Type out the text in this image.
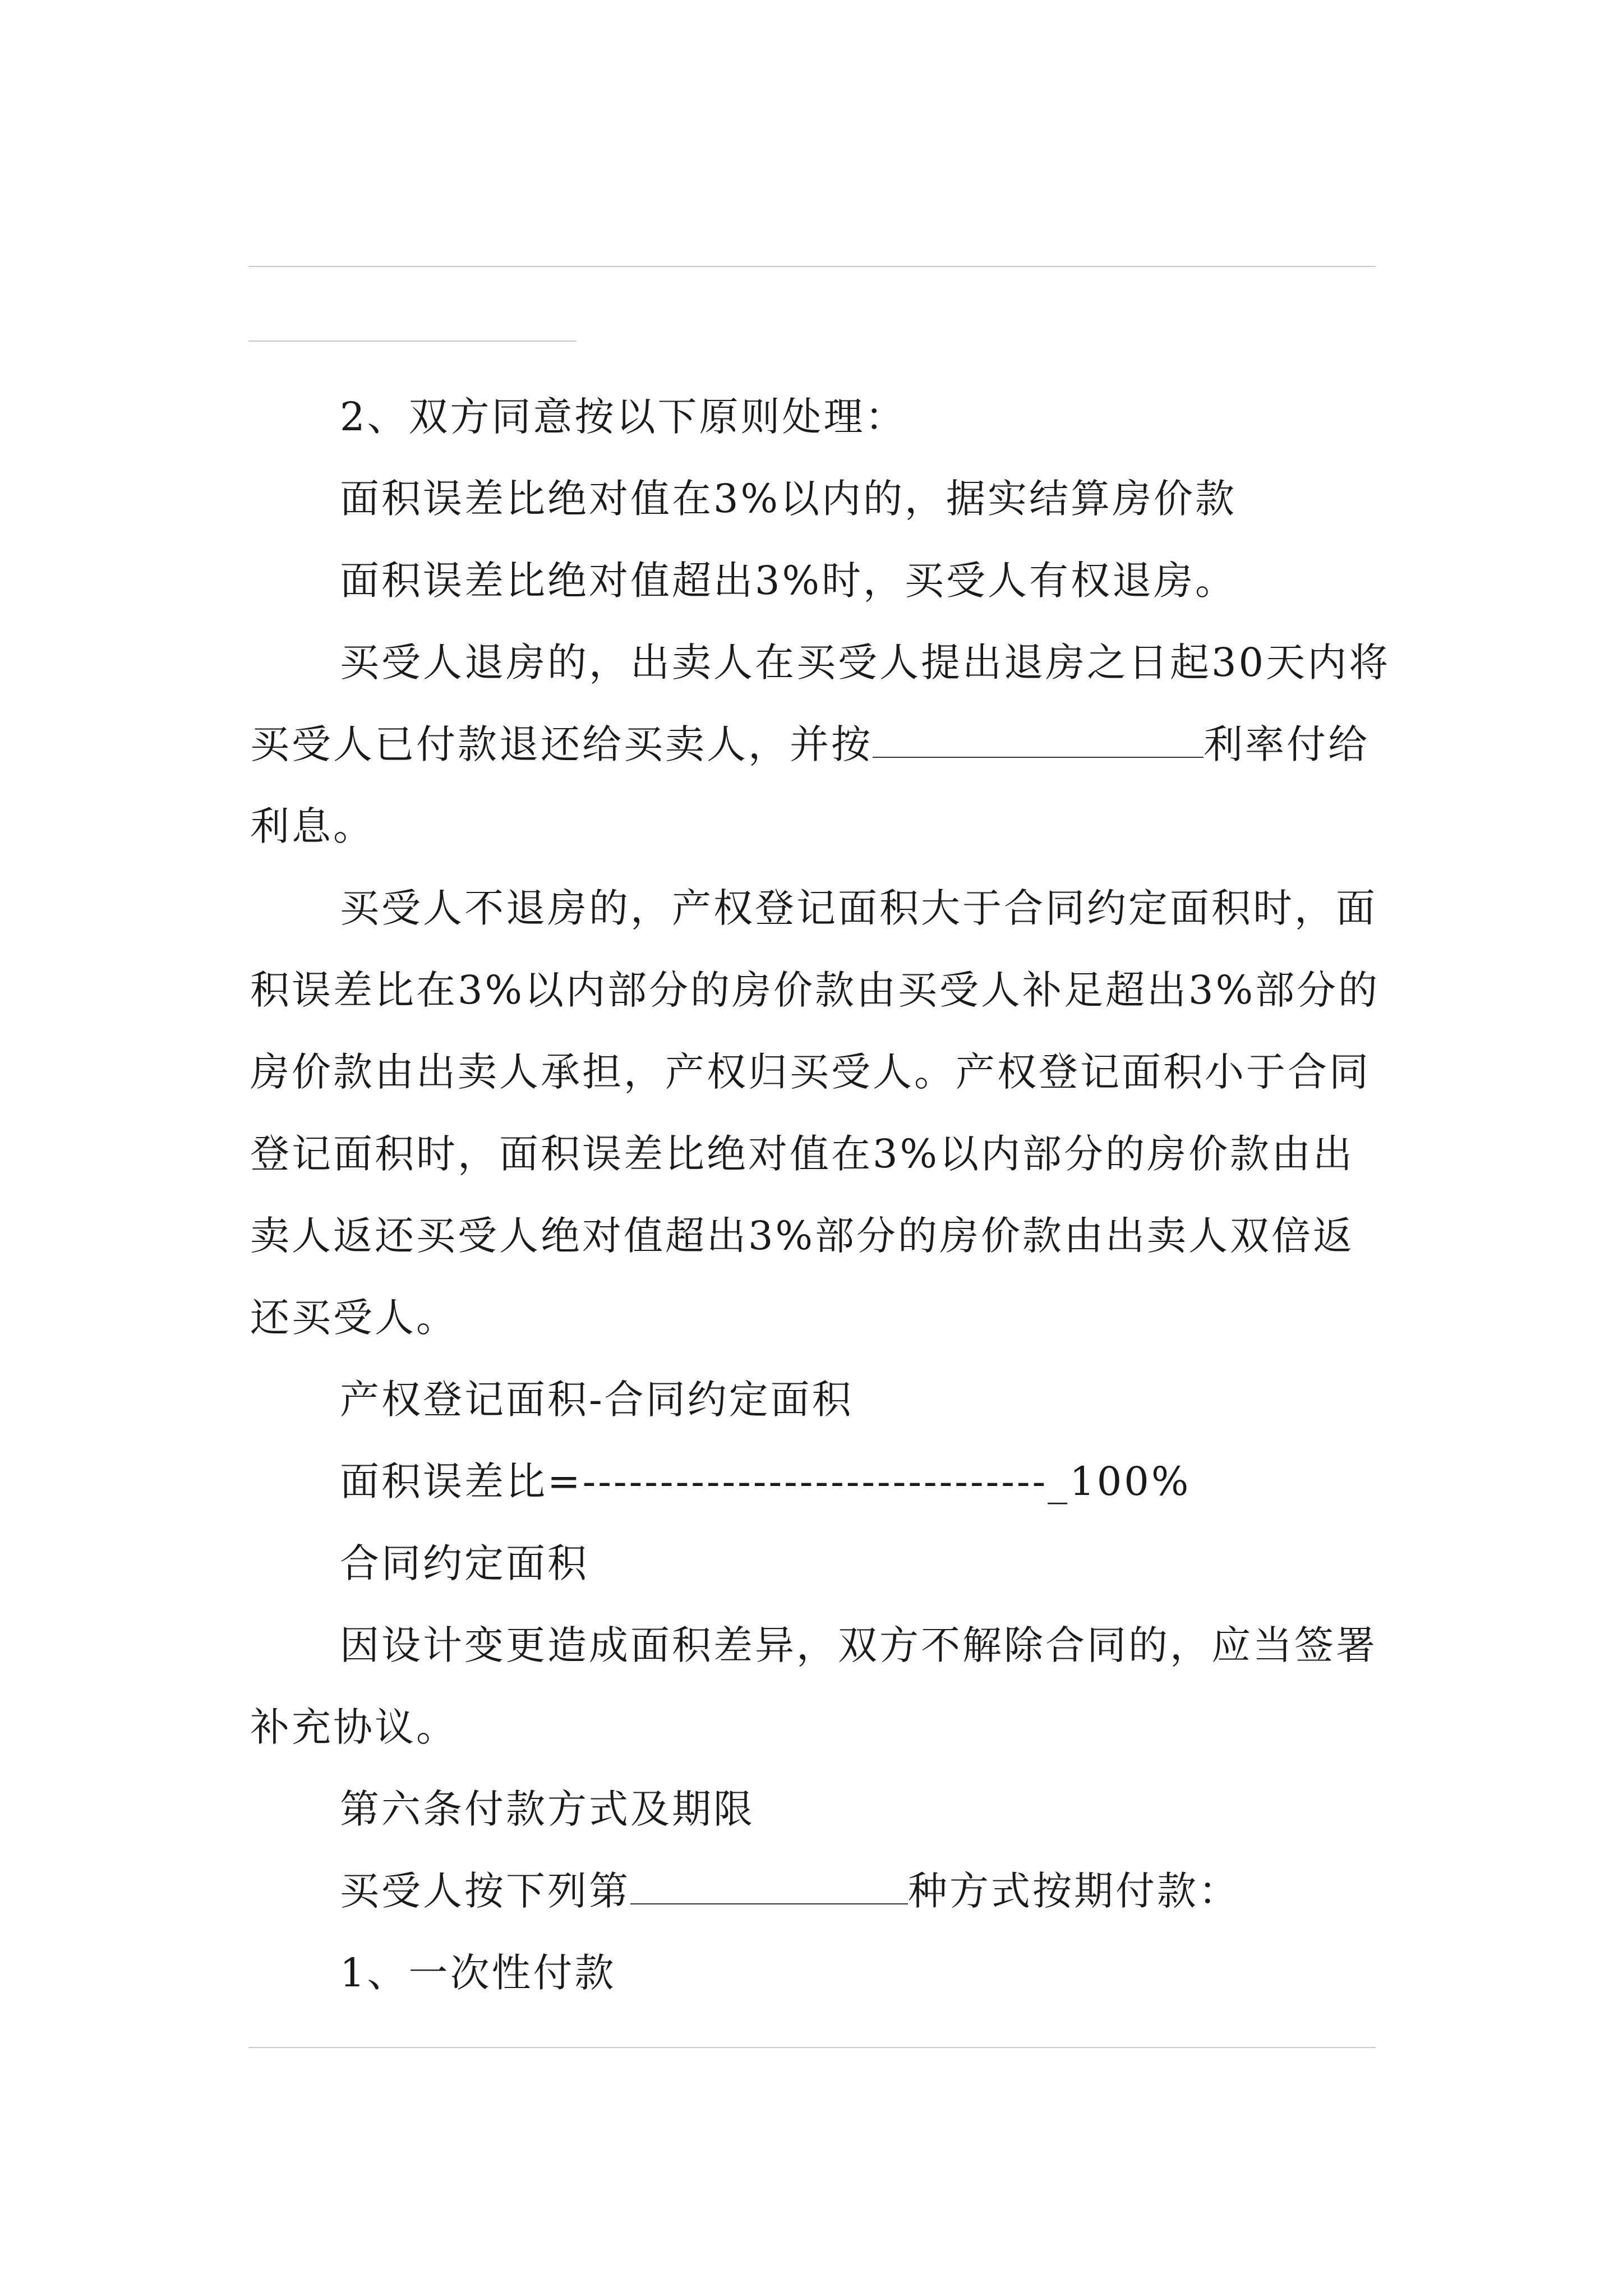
2、双方同意按以下原则处理：

面积误差比绝对值在3%以内的，据实结算房价款

面积误差比绝对值超出3%时，买受人有权退房。

买受人退房的，出卖人在买受人提出退房之日起30天内将买受人已付款退还给买卖人，并按	利率付给利息。

买受人不退房的，产权登记面积大于合同约定面积时，面积误差比在3%以内部分的房价款由买受人补足超出3%部分的房价款由出卖人承担，产权归买受人。产权登记面积小于合同登记面积时，面积误差比绝对值在3%以内部分的房价款由出卖人返还买受人绝对值超出3%部分的房价款由出卖人双倍返还买受人。

产权登记面积-合同约定面积

面积误差比=------------------------------_100%

合同约定面积

因设计变更造成面积差异，双方不解除合同的，应当签署补充协议。

第六条付款方式及期限

买受人按下列第	种方式按期付款：

1、一次性付款
